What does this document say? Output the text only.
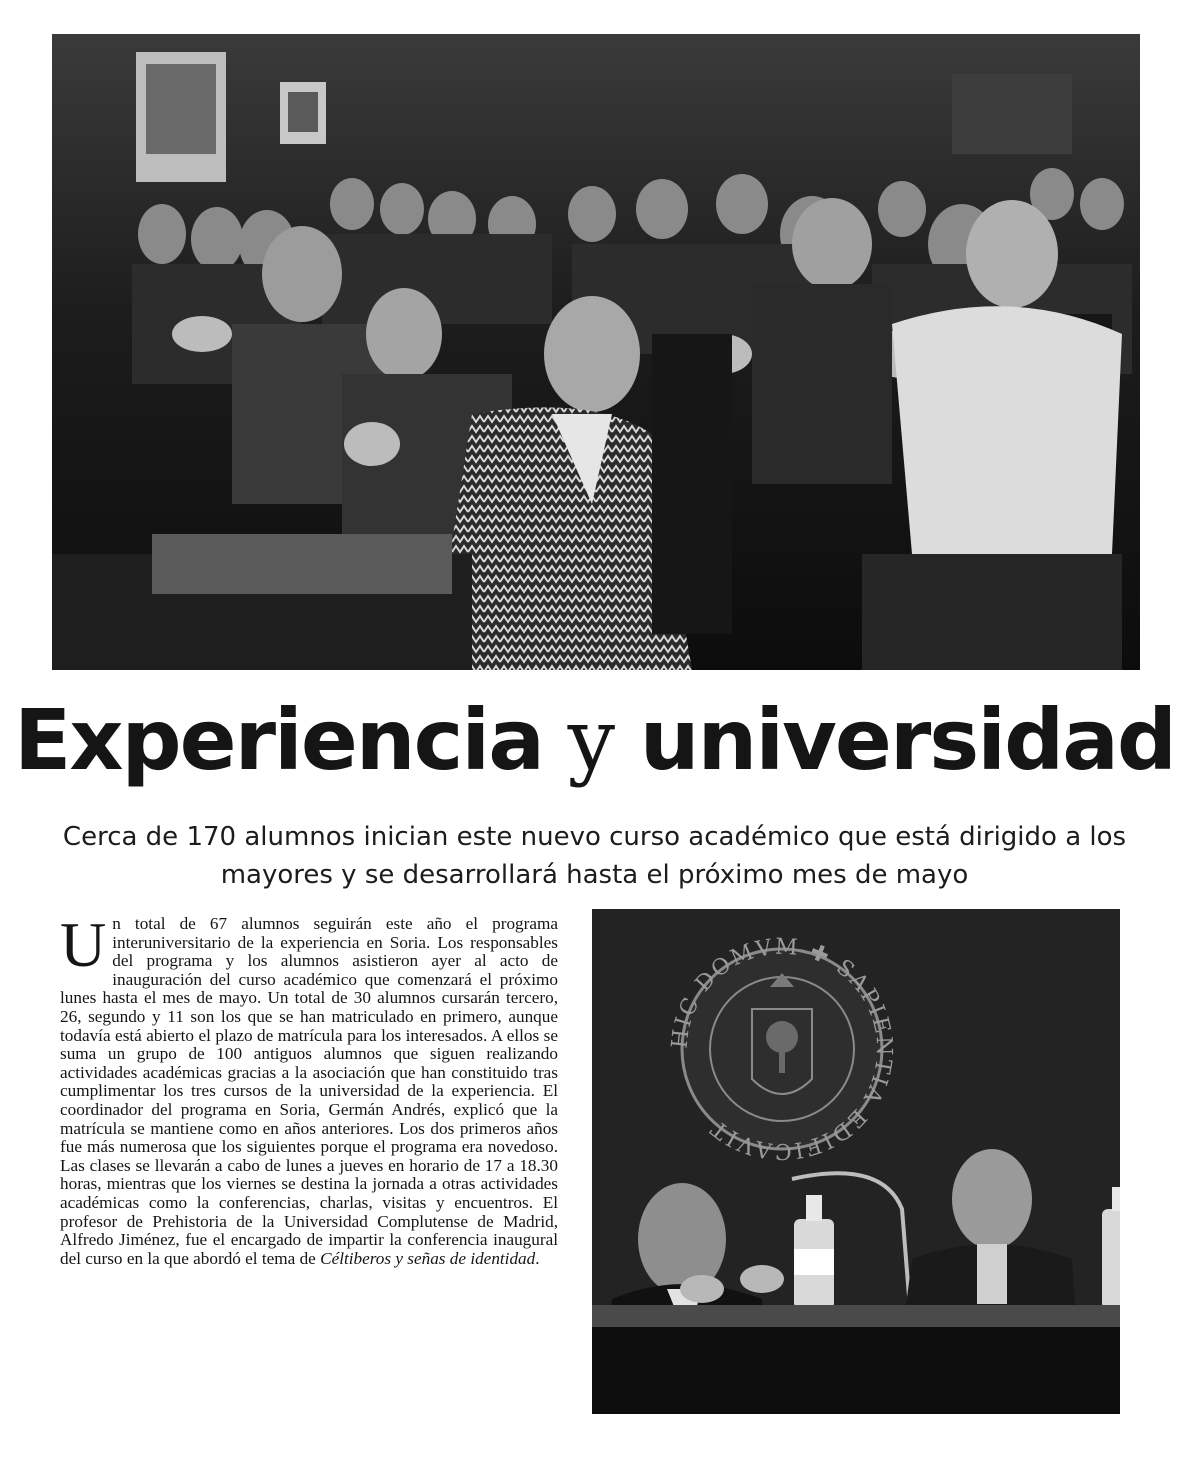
Experiencia y universidad
Cerca de 170 alumnos inician este nuevo curso académico que está dirigido a los mayores y se desarrollará hasta el próximo mes de mayo
Un total de 67 alumnos seguirán este año el programa interuniversitario de la experiencia en Soria. Los responsables del programa y los alumnos asistieron ayer al acto de inauguración del curso académico que comenzará el próximo lunes hasta el mes de mayo. Un total de 30 alumnos cursarán tercero, 26, segundo y 11 son los que se han matriculado en primero, aunque todavía está abierto el plazo de matrícula para los interesados. A ellos se suma un grupo de 100 antiguos alumnos que siguen realizando actividades académicas gracias a la asociación que han constituido tras cumplimentar los tres cursos de la universidad de la experiencia. El coordinador del programa en Soria, Germán Andrés, explicó que la matrícula se mantiene como en años anteriores. Los dos primeros años fue más numerosa que los siguientes porque el programa era novedoso. Las clases se llevarán a cabo de lunes a jueves en horario de 17 a 18.30 horas, mientras que los viernes se destina la jornada a otras actividades académicas como la conferencias, charlas, visitas y encuentros. El profesor de Prehistoria de la Universidad Complutense de Madrid, Alfredo Jiménez, fue el encargado de impartir la conferencia inaugural del curso en la que abordó el tema de Céltiberos y señas de identidad.
HIC DOMVM ✚ SAPIENTIA EDIFICAVIT
